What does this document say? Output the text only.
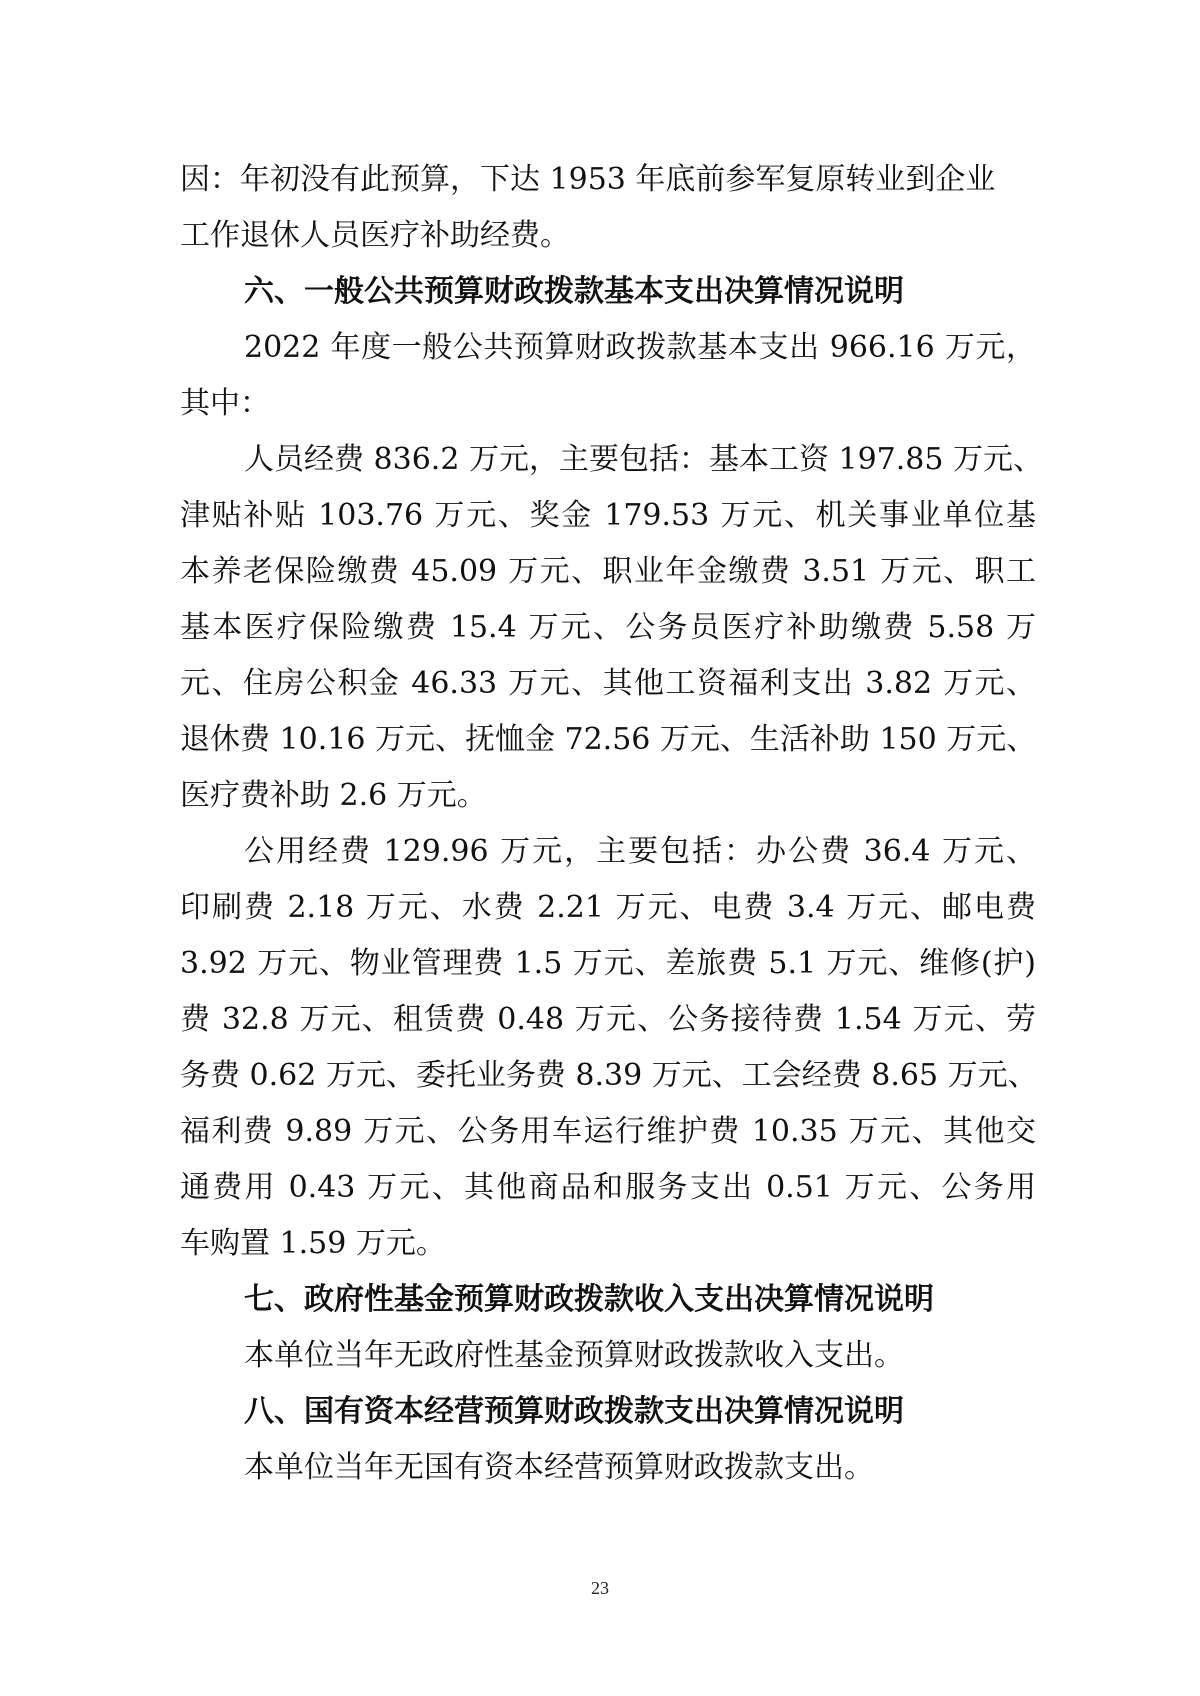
因：年初没有此预算，下达 1953 年底前参军复原转业到企业
工作退休人员医疗补助经费。
六、一般公共预算财政拨款基本支出决算情况说明
2022 年度一般公共预算财政拨款基本支出 966.16 万元，
其中：
人员经费 836.2 万元，主要包括：基本工资 197.85 万元、
津贴补贴 103.76 万元、奖金 179.53 万元、机关事业单位基
本养老保险缴费 45.09 万元、职业年金缴费 3.51 万元、职工
基本医疗保险缴费 15.4 万元、公务员医疗补助缴费 5.58 万
元、住房公积金 46.33 万元、其他工资福利支出 3.82 万元、
退休费 10.16 万元、抚恤金 72.56 万元、生活补助 150 万元、
医疗费补助 2.6 万元。
公用经费 129.96 万元，主要包括：办公费 36.4 万元、
印刷费 2.18 万元、水费 2.21 万元、电费 3.4 万元、邮电费
3.92 万元、物业管理费 1.5 万元、差旅费 5.1 万元、维修(护)
费 32.8 万元、租赁费 0.48 万元、公务接待费 1.54 万元、劳
务费 0.62 万元、委托业务费 8.39 万元、工会经费 8.65 万元、
福利费 9.89 万元、公务用车运行维护费 10.35 万元、其他交
通费用 0.43 万元、其他商品和服务支出 0.51 万元、公务用
车购置 1.59 万元。
七、政府性基金预算财政拨款收入支出决算情况说明
本单位当年无政府性基金预算财政拨款收入支出。
八、国有资本经营预算财政拨款支出决算情况说明
本单位当年无国有资本经营预算财政拨款支出。
23
